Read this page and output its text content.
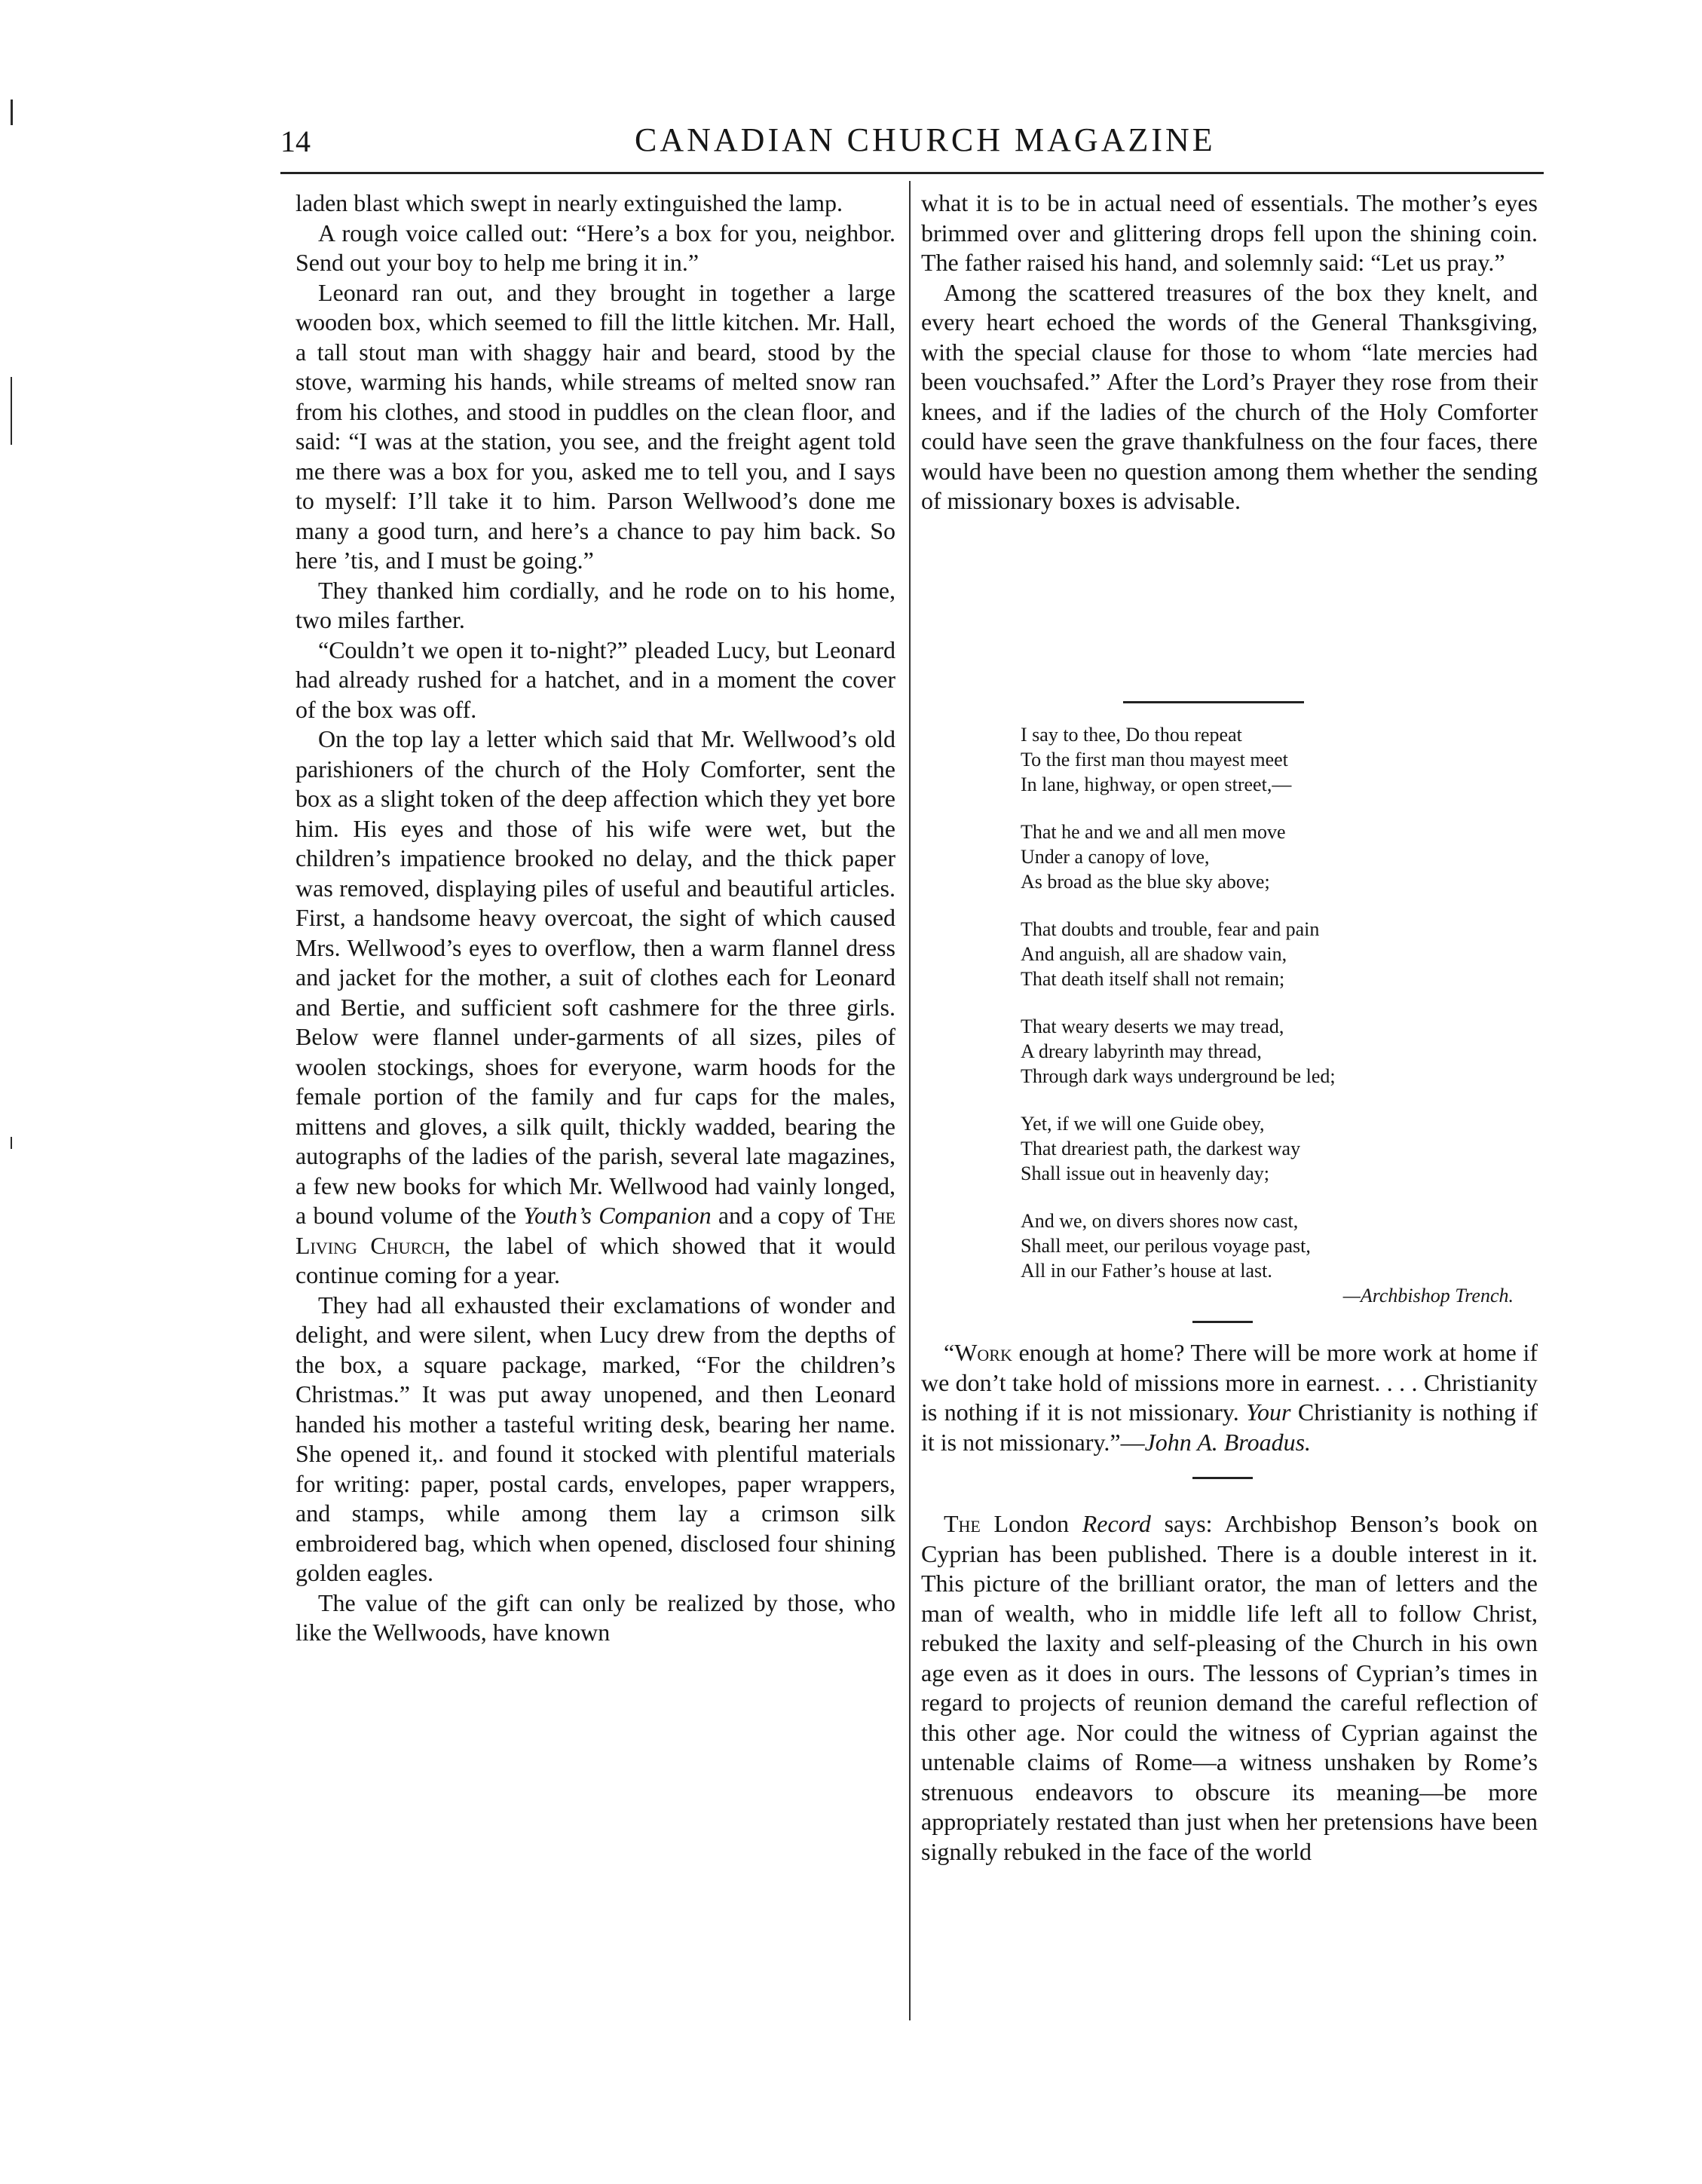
14	CANADIAN CHURCH MAGAZINE

laden blast which swept in nearly extinguished the lamp.

A rough voice called out: “Here’s a box for you, neighbor. Send out your boy to help me bring it in.”

Leonard ran out, and they brought in together a large wooden box, which seemed to fill the little kitchen. Mr. Hall, a tall stout man with shaggy hair and beard, stood by the stove, warming his hands, while streams of melted snow ran from his clothes, and stood in puddles on the clean floor, and said: “I was at the station, you see, and the freight agent told me there was a box for you, asked me to tell you, and I says to myself: I’ll take it to him. Parson Wellwood’s done me many a good turn, and here’s a chance to pay him back. So here ’tis, and I must be going.”

They thanked him cordially, and he rode on to his home, two miles farther.

“Couldn’t we open it to-night?” pleaded Lucy, but Leonard had already rushed for a hatchet, and in a moment the cover of the box was off.

On the top lay a letter which said that Mr. Wellwood’s old parishioners of the church of the Holy Comforter, sent the box as a slight token of the deep affection which they yet bore him. His eyes and those of his wife were wet, but the children’s impatience brooked no delay, and the thick paper was removed, displaying piles of useful and beautiful articles. First, a handsome heavy overcoat, the sight of which caused Mrs. Wellwood’s eyes to overflow, then a warm flannel dress and jacket for the mother, a suit of clothes each for Leonard and Bertie, and sufficient soft cashmere for the three girls. Below were flannel under-garments of all sizes, piles of woolen stockings, shoes for everyone, warm hoods for the female portion of the family and fur caps for the males, mittens and gloves, a silk quilt, thickly wadded, bearing the autographs of the ladies of the parish, several late magazines, a few new books for which Mr. Wellwood had vainly longed, a bound volume of the Youth’s Companion and a copy of The Living Church, the label of which showed that it would continue coming for a year.

They had all exhausted their exclamations of wonder and delight, and were silent, when Lucy drew from the depths of the box, a square package, marked, “For the children’s Christmas.” It was put away unopened, and then Leonard handed his mother a tasteful writing desk, bearing her name. She opened it,. and found it stocked with plentiful materials for writing: paper, postal cards, envelopes, paper wrappers, and stamps, while among them lay a crimson silk embroidered bag, which when opened, disclosed four shining golden eagles.

The value of the gift can only be realized by those, who like the Wellwoods, have known

what it is to be in actual need of essentials. The mother’s eyes brimmed over and glittering drops fell upon the shining coin. The father raised his hand, and solemnly said: “Let us pray.”

Among the scattered treasures of the box they knelt, and every heart echoed the words of the General Thanksgiving, with the special clause for those to whom “late mercies had been vouchsafed.” After the Lord’s Prayer they rose from their knees, and if the ladies of the church of the Holy Comforter could have seen the grave thankfulness on the four faces, there would have been no question among them whether the sending of missionary boxes is advisable.

I say to thee, Do thou repeat
To the first man thou mayest meet
In lane, highway, or open street,—
That he and we and all men move
Under a canopy of love,
As broad as the blue sky above;
That doubts and trouble, fear and pain
And anguish, all are shadow vain,
That death itself shall not remain;
That weary deserts we may tread,
A dreary labyrinth may thread,
Through dark ways underground be led;
Yet, if we will one Guide obey,
That dreariest path, the darkest way
Shall issue out in heavenly day;
And we, on divers shores now cast,
Shall meet, our perilous voyage past,
All in our Father’s house at last.
—Archbishop Trench.

“Work enough at home? There will be more work at home if we don’t take hold of missions more in earnest. . . . Christianity is nothing if it is not missionary. Your Christianity is nothing if it is not missionary.”—John A. Broadus.

The London Record says: Archbishop Benson’s book on Cyprian has been published. There is a double interest in it. This picture of the brilliant orator, the man of letters and the man of wealth, who in middle life left all to follow Christ, rebuked the laxity and self-pleasing of the Church in his own age even as it does in ours. The lessons of Cyprian’s times in regard to projects of reunion demand the careful reflection of this other age. Nor could the witness of Cyprian against the untenable claims of Rome—a witness unshaken by Rome’s strenuous endeavors to obscure its meaning—be more appropriately restated than just when her pretensions have been signally rebuked in the face of the world
